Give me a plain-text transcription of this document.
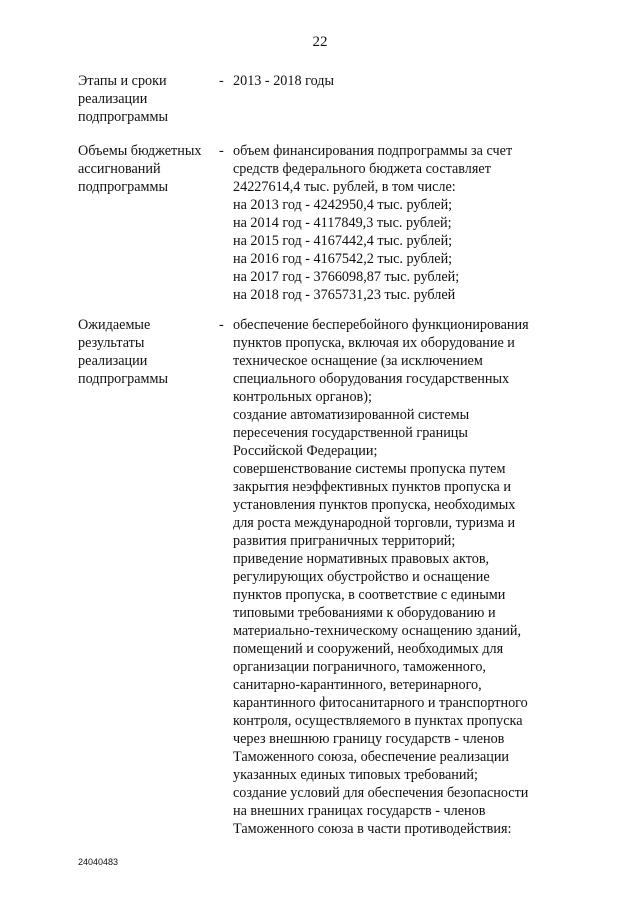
22
Этапы и сроки
реализации
подпрограммы
- 2013 - 2018 годы
Объемы бюджетных
ассигнований
подпрограммы
- объем финансирования подпрограммы за счет
средств федерального бюджета составляет
24227614,4 тыс. рублей, в том числе:
на 2013 год - 4242950,4 тыс. рублей;
на 2014 год - 4117849,3 тыс. рублей;
на 2015 год - 4167442,4 тыс. рублей;
на 2016 год - 4167542,2 тыс. рублей;
на 2017 год - 3766098,87 тыс. рублей;
на 2018 год - 3765731,23 тыс. рублей
Ожидаемые
результаты
реализации
подпрограммы
- обеспечение бесперебойного функционирования
пунктов пропуска, включая их оборудование и
техническое оснащение (за исключением
специального оборудования государственных
контрольных органов);
создание автоматизированной системы
пересечения государственной границы
Российской Федерации;
совершенствование системы пропуска путем
закрытия неэффективных пунктов пропуска и
установления пунктов пропуска, необходимых
для роста международной торговли, туризма и
развития приграничных территорий;
приведение нормативных правовых актов,
регулирующих обустройство и оснащение
пунктов пропуска, в соответствие с едиными
типовыми требованиями к оборудованию и
материально-техническому оснащению зданий,
помещений и сооружений, необходимых для
организации пограничного, таможенного,
санитарно-карантинного, ветеринарного,
карантинного фитосанитарного и транспортного
контроля, осуществляемого в пунктах пропуска
через внешнюю границу государств - членов
Таможенного союза, обеспечение реализации
указанных единых типовых требований;
создание условий для обеспечения безопасности
на внешних границах государств - членов
Таможенного союза в части противодействия:
24040483
